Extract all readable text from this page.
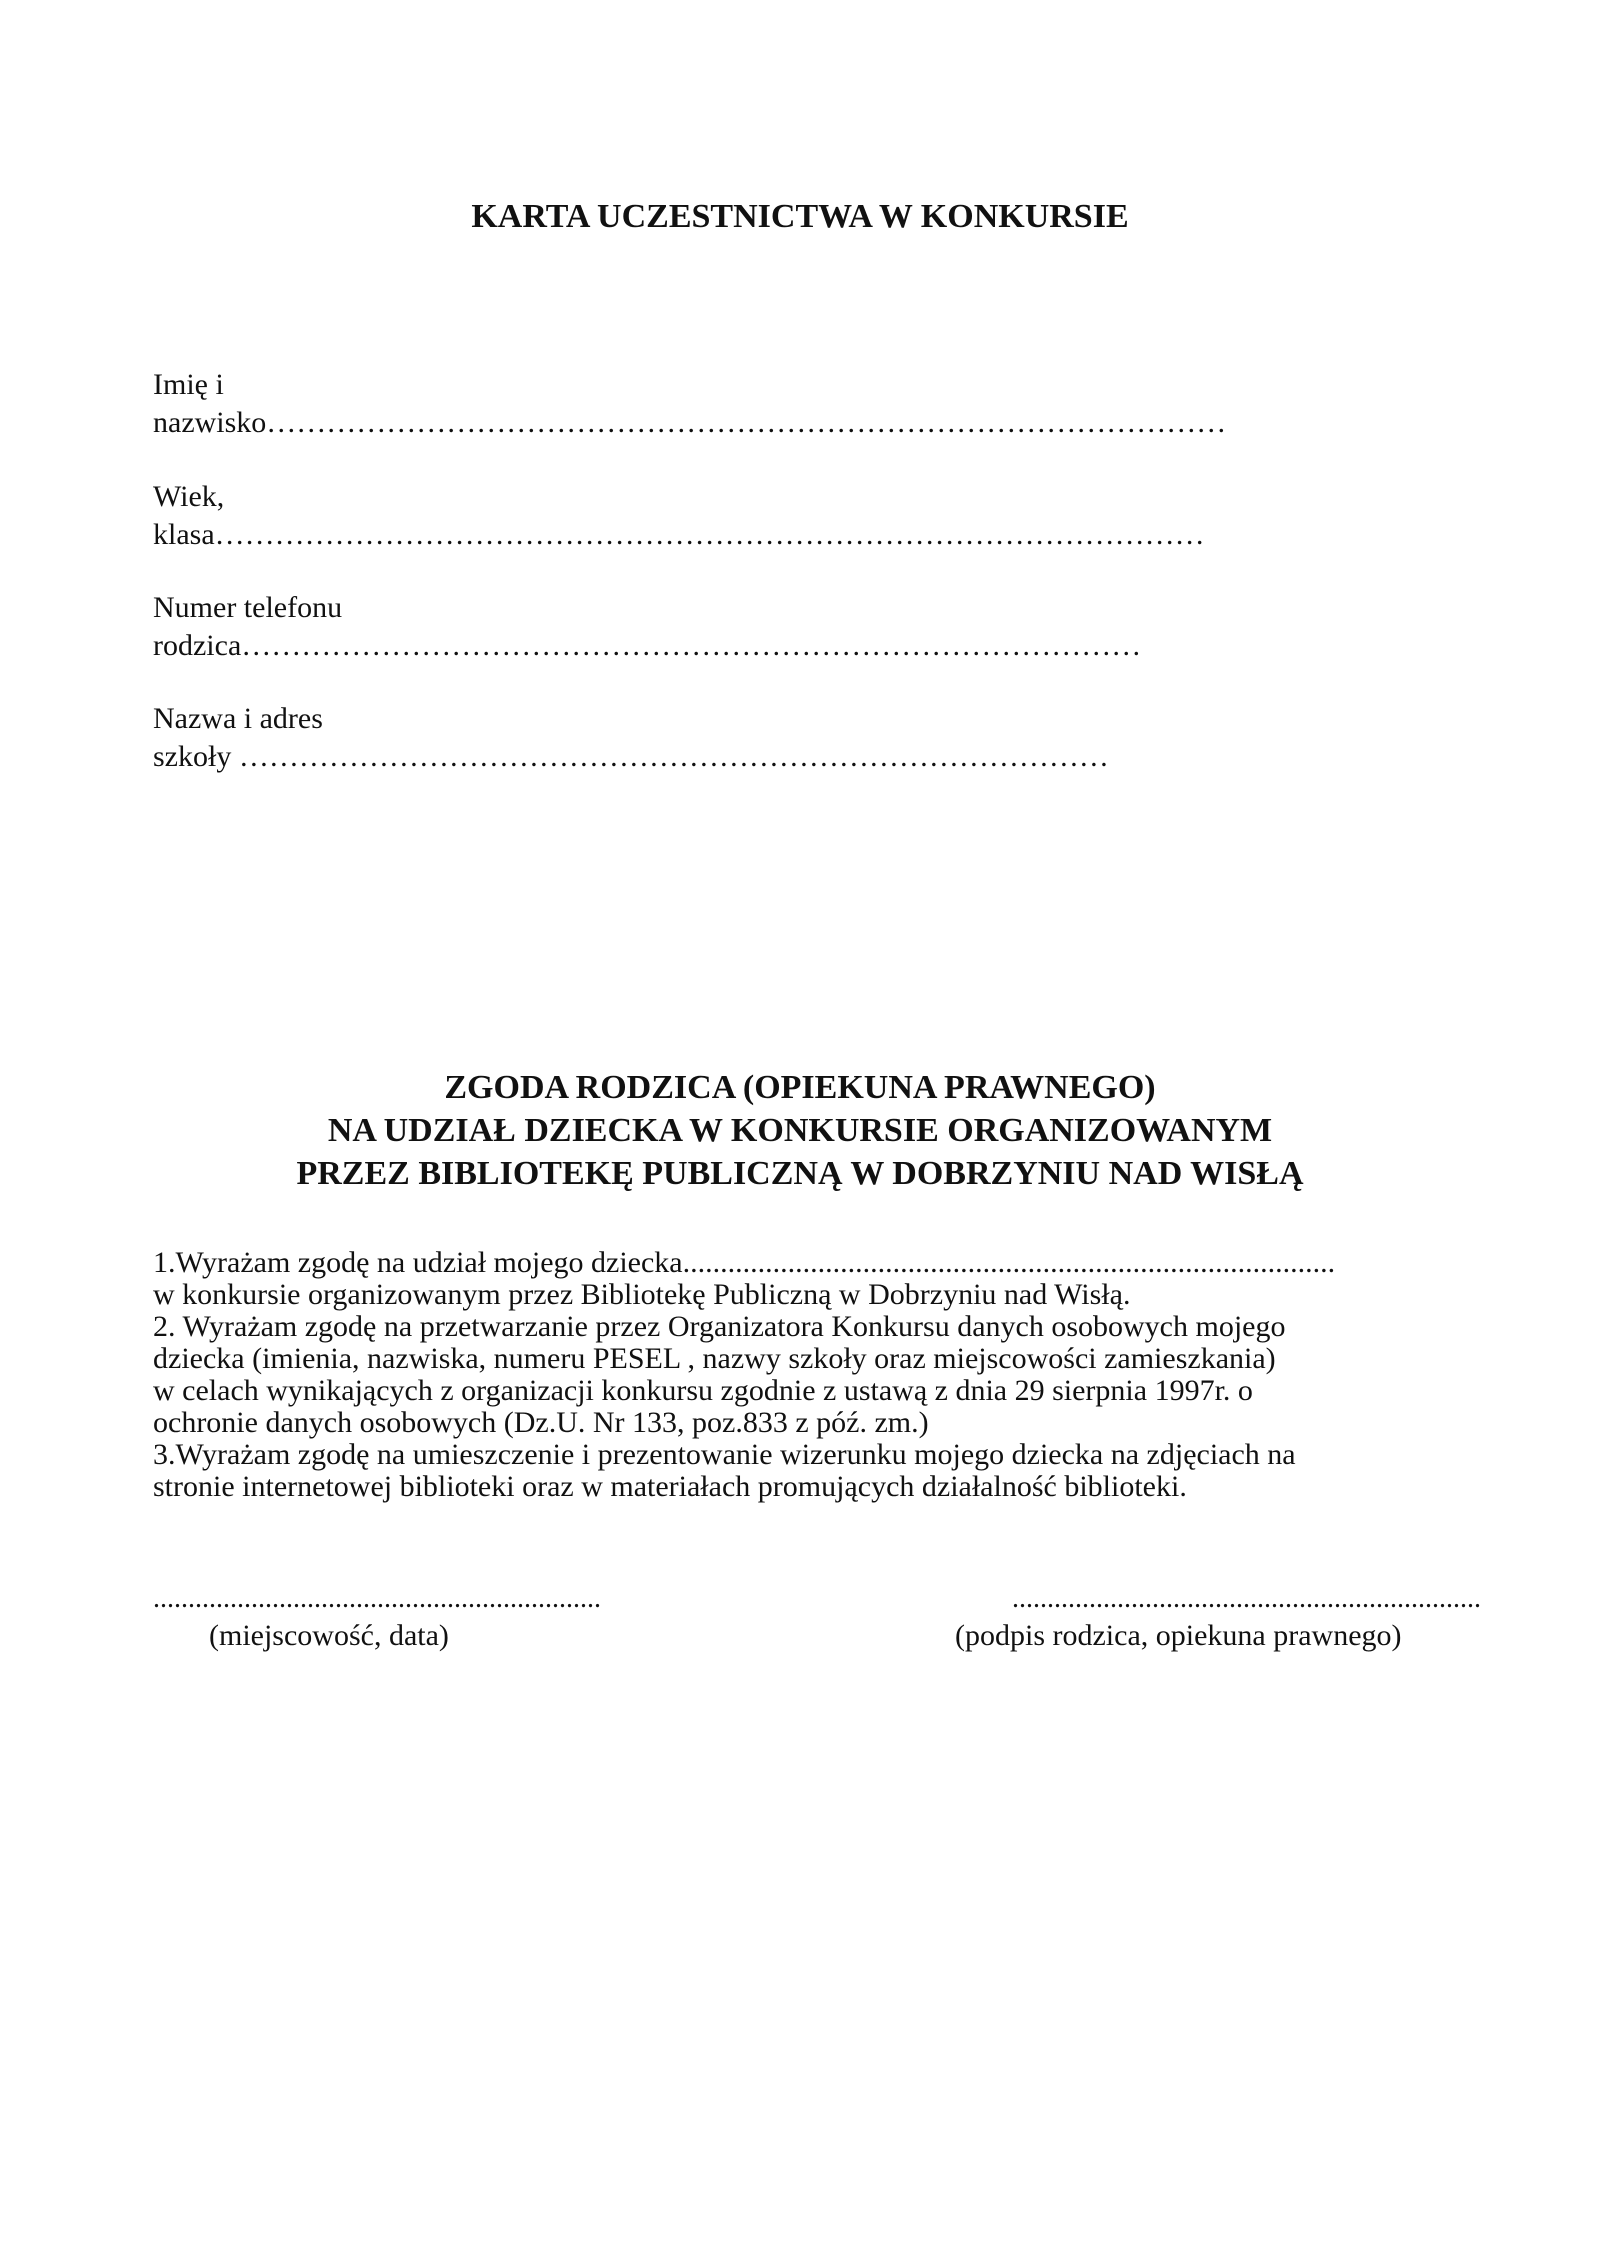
KARTA UCZESTNICTWA W KONKURSIE
Imię i
nazwisko……………………………………………………………………………………
Wiek,
klasa………………………………………………………………………………………
Numer telefonu
rodzica………………………………………………………………………………
Nazwa i adres
szkoły ……………………………………………………………………………
ZGODA RODZICA (OPIEKUNA PRAWNEGO)
NA UDZIAŁ DZIECKA W KONKURSIE ORGANIZOWANYM
PRZEZ BIBLIOTEKĘ PUBLICZNĄ W DOBRZYNIU NAD WISŁĄ
1.Wyrażam zgodę na udział mojego dziecka.......................................................................................
w konkursie organizowanym przez Bibliotekę Publiczną w Dobrzyniu nad Wisłą.
2. Wyrażam zgodę na przetwarzanie przez Organizatora Konkursu danych osobowych mojego
dziecka (imienia, nazwiska, numeru PESEL , nazwy szkoły oraz miejscowości zamieszkania)
w celach wynikających z organizacji konkursu zgodnie z ustawą z dnia 29 sierpnia 1997r. o
ochronie danych osobowych (Dz.U. Nr 133, poz.833 z póź. zm.)
3.Wyrażam zgodę na umieszczenie i prezentowanie wizerunku mojego dziecka na zdjęciach na
stronie internetowej biblioteki oraz w materiałach promujących działalność biblioteki.
................................................................
(miejscowość, data)
...................................................................
(podpis rodzica, opiekuna prawnego)
